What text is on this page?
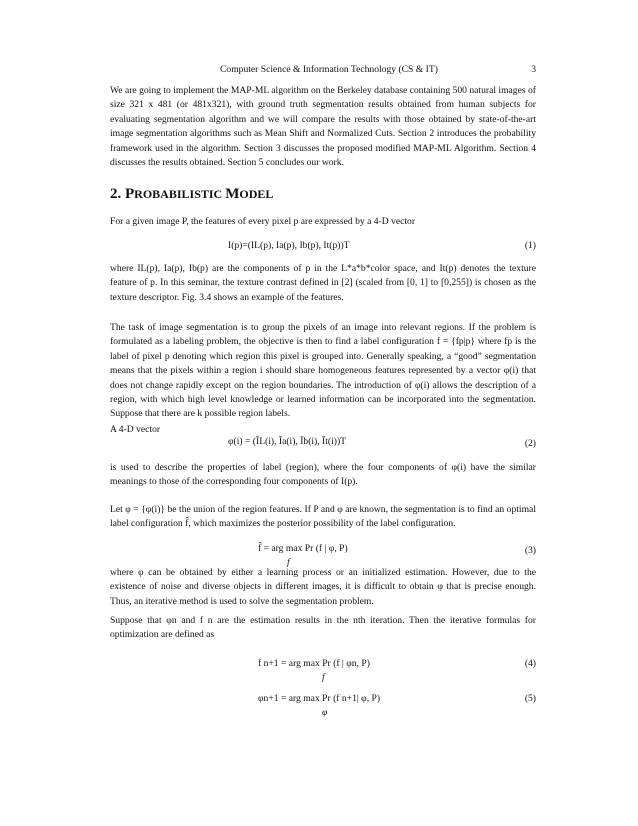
Computer Science & Information Technology (CS & IT)	3
We are going to implement the MAP-ML algorithm on the Berkeley database containing 500 natural images of size 321 x 481 (or 481x321), with ground truth segmentation results obtained from human subjects for evaluating segmentation algorithm and we will compare the results with those obtained by state-of-the-art image segmentation algorithms such as Mean Shift and Normalized Cuts. Section 2 introduces the probability framework used in the algorithm. Section 3 discusses the proposed modified MAP-ML Algorithm. Section 4 discusses the results obtained. Section 5 concludes our work.
2. PROBABILISTIC MODEL
For a given image P, the features of every pixel p are expressed by a 4-D vector
I(p)=(IL(p), Ia(p), Ib(p), It(p))T	(1)
where IL(p), Ia(p), Ib(p) are the components of p in the L*a*b*color space, and It(p) denotes the texture feature of p. In this seminar, the texture contrast defined in [2] (scaled from [0, 1] to [0,255]) is chosen as the texture descriptor. Fig. 3.4 shows an example of the features.
The task of image segmentation is to group the pixels of an image into relevant regions. If the problem is formulated as a labeling problem, the objective is then to find a label configuration f = {fp|p} where fp is the label of pixel p denoting which region this pixel is grouped into. Generally speaking, a “good” segmentation means that the pixels within a region i should share homogeneous features represented by a vector φ(i) that does not change rapidly except on the region boundaries. The introduction of φ(i) allows the description of a region, with which high level knowledge or learned information can be incorporated into the segmentation. Suppose that there are k possible region labels.
A 4-D vector
φ(i) = (ĪL(i), Īa(i), Īb(i), Īt(i))T	(2)
is used to describe the properties of label (region), where the four components of φ(i) have the similar meanings to those of the corresponding four components of I(p).
Let φ = {φ(i)} be the union of the region features. If P and φ are known, the segmentation is to find an optimal label configuration f̂, which maximizes the posterior possibility of the label configuration.
f̂ = arg max Pr (f | φ, P)
f
(3)
where φ can be obtained by either a learning process or an initialized estimation. However, due to the existence of noise and diverse objects in different images, it is difficult to obtain φ that is precise enough. Thus, an iterative method is used to solve the segmentation problem.
Suppose that φn and f n are the estimation results in the nth iteration. Then the iterative formulas for optimization are defined as
f n+1 = arg max Pr (f | φn, P)
f
(4)
φn+1 = arg max Pr (f n+1| φ, P)
φ
(5)
